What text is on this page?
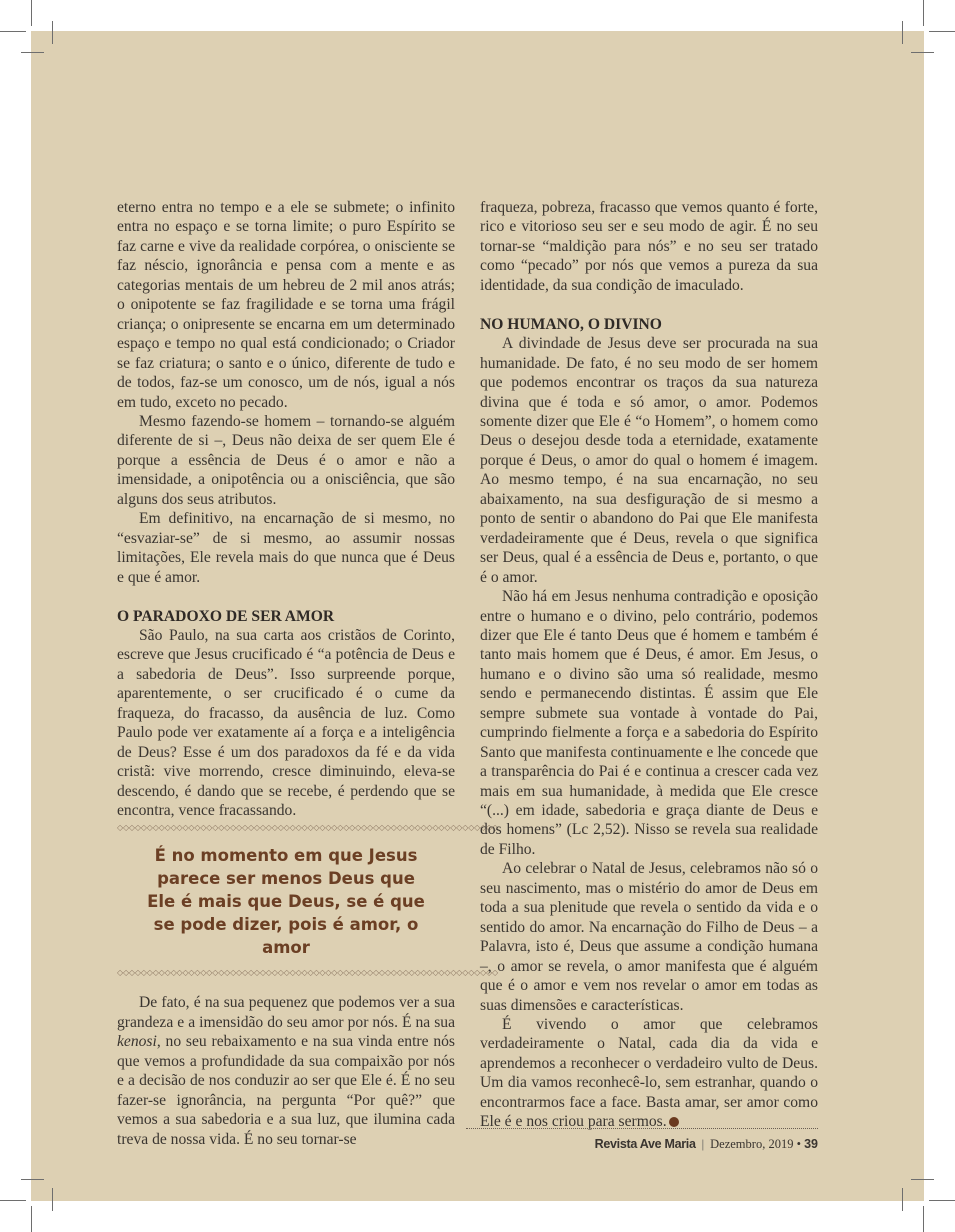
eterno entra no tempo e a ele se submete; o infinito entra no espaço e se torna limite; o puro Espírito se faz carne e vive da realidade corpórea, o onisciente se faz néscio, ignorância e pensa com a mente e as categorias mentais de um hebreu de 2 mil anos atrás; o onipotente se faz fragilidade e se torna uma frágil criança; o onipresente se encarna em um determinado espaço e tempo no qual está condicionado; o Criador se faz criatura; o santo e o único, diferente de tudo e de todos, faz-se um conosco, um de nós, igual a nós em tudo, exceto no pecado.

Mesmo fazendo-se homem – tornando-se alguém diferente de si –, Deus não deixa de ser quem Ele é porque a essência de Deus é o amor e não a imensidade, a onipotência ou a onisciência, que são alguns dos seus atributos.

Em definitivo, na encarnação de si mesmo, no “esvaziar-se” de si mesmo, ao assumir nossas limitações, Ele revela mais do que nunca que é Deus e que é amor.

O PARADOXO DE SER AMOR

São Paulo, na sua carta aos cristãos de Corinto, escreve que Jesus crucificado é “a potência de Deus e a sabedoria de Deus”. Isso surpreende porque, aparentemente, o ser crucificado é o cume da fraqueza, do fracasso, da ausência de luz. Como Paulo pode ver exatamente aí a força e a inteligência de Deus? Esse é um dos paradoxos da fé e da vida cristã: vive morrendo, cresce diminuindo, eleva-se descendo, é dando que se recebe, é perdendo que se encontra, vence fracassando.

◇◇◇◇◇◇◇◇◇◇◇◇◇◇◇◇◇◇◇◇◇◇◇◇◇◇◇◇◇◇◇◇◇◇◇◇◇◇◇◇◇◇◇◇◇◇◇◇◇◇◇◇◇◇◇◇◇◇◇◇◇◇◇◇
É no momento em que Jesus parece ser menos Deus que Ele é mais que Deus, se é que se pode dizer, pois é amor, o amor
◇◇◇◇◇◇◇◇◇◇◇◇◇◇◇◇◇◇◇◇◇◇◇◇◇◇◇◇◇◇◇◇◇◇◇◇◇◇◇◇◇◇◇◇◇◇◇◇◇◇◇◇◇◇◇◇◇◇◇◇◇◇◇◇

De fato, é na sua pequenez que podemos ver a sua grandeza e a imensidão do seu amor por nós. É na sua kenosi, no seu rebaixamento e na sua vinda entre nós que vemos a profundidade da sua compaixão por nós e a decisão de nos conduzir ao ser que Ele é. É no seu fazer-se ignorância, na pergunta “Por quê?” que vemos a sua sabedoria e a sua luz, que ilumina cada treva de nossa vida. É no seu tornar-se

fraqueza, pobreza, fracasso que vemos quanto é forte, rico e vitorioso seu ser e seu modo de agir. É no seu tornar-se “maldição para nós” e no seu ser tratado como “pecado” por nós que vemos a pureza da sua identidade, da sua condição de imaculado.

NO HUMANO, O DIVINO

A divindade de Jesus deve ser procurada na sua humanidade. De fato, é no seu modo de ser homem que podemos encontrar os traços da sua natureza divina que é toda e só amor, o amor. Podemos somente dizer que Ele é “o Homem”, o homem como Deus o desejou desde toda a eternidade, exatamente porque é Deus, o amor do qual o homem é imagem. Ao mesmo tempo, é na sua encarnação, no seu abaixamento, na sua desfiguração de si mesmo a ponto de sentir o abandono do Pai que Ele manifesta verdadeiramente que é Deus, revela o que significa ser Deus, qual é a essência de Deus e, portanto, o que é o amor.

Não há em Jesus nenhuma contradição e oposição entre o humano e o divino, pelo contrário, podemos dizer que Ele é tanto Deus que é homem e também é tanto mais homem que é Deus, é amor. Em Jesus, o humano e o divino são uma só realidade, mesmo sendo e permanecendo distintas. É assim que Ele sempre submete sua vontade à vontade do Pai, cumprindo fielmente a força e a sabedoria do Espírito Santo que manifesta continuamente e lhe concede que a transparência do Pai é e continua a crescer cada vez mais em sua humanidade, à medida que Ele cresce “(...) em idade, sabedoria e graça diante de Deus e dos homens” (Lc 2,52). Nisso se revela sua realidade de Filho.

Ao celebrar o Natal de Jesus, celebramos não só o seu nascimento, mas o mistério do amor de Deus em toda a sua plenitude que revela o sentido da vida e o sentido do amor. Na encarnação do Filho de Deus – a Palavra, isto é, Deus que assume a condição humana –, o amor se revela, o amor manifesta que é alguém que é o amor e vem nos revelar o amor em todas as suas dimensões e características.

É vivendo o amor que celebramos verdadeiramente o Natal, cada dia da vida e aprendemos a reconhecer o verdadeiro vulto de Deus. Um dia vamos reconhecê-lo, sem estranhar, quando o encontrarmos face a face. Basta amar, ser amor como Ele é e nos criou para sermos.

Revista Ave Maria | Dezembro, 2019 • 39
